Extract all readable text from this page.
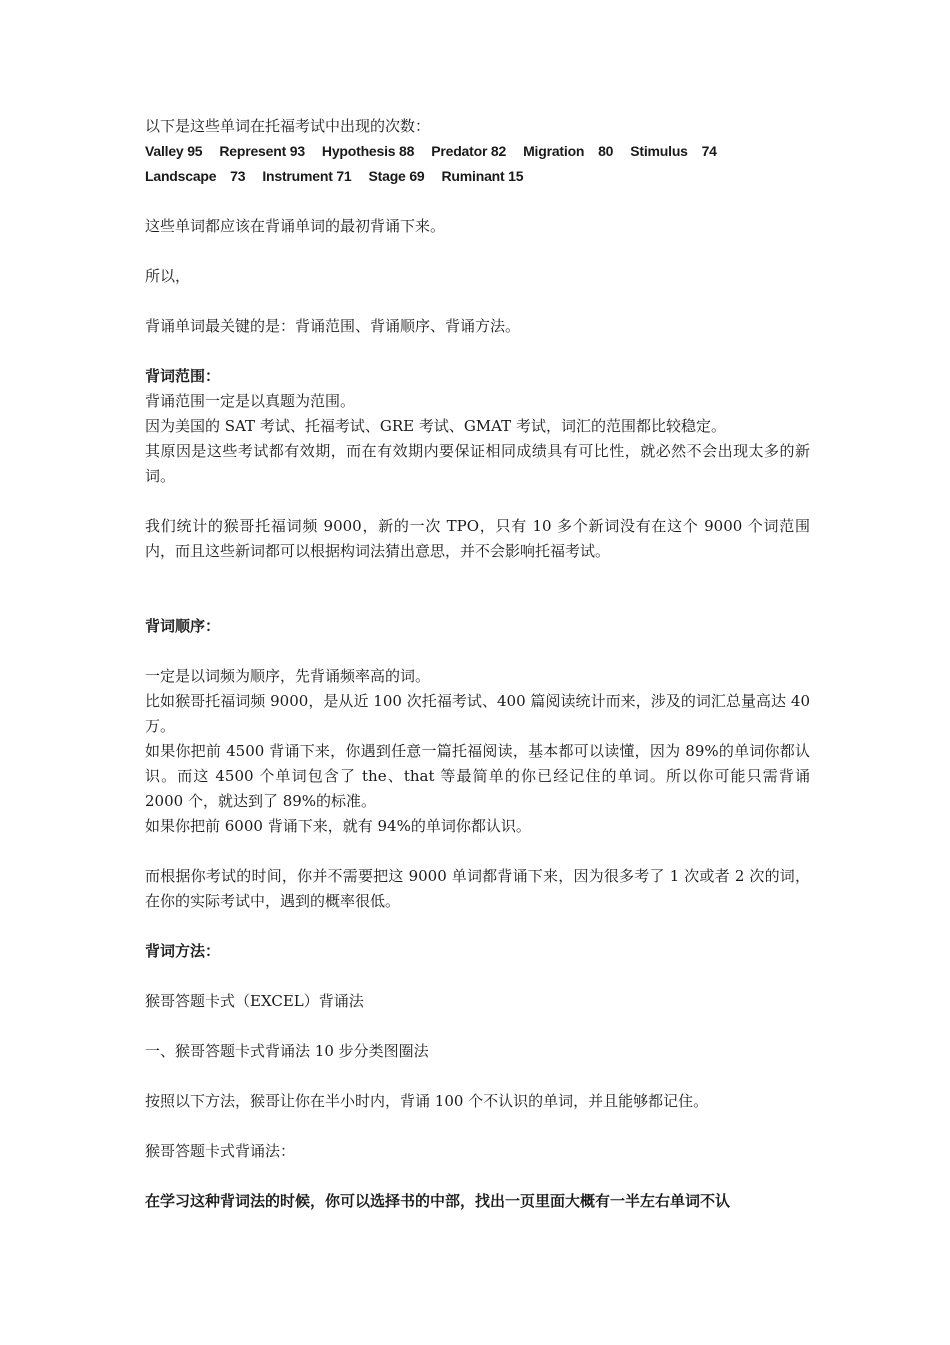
以下是这些单词在托福考试中出现的次数：
Valley 95 Represent 93 Hypothesis 88 Predator 82 Migration　80 Stimulus　74
Landscape　73 Instrument 71 Stage 69 Ruminant 15
这些单词都应该在背诵单词的最初背诵下来。
所以，
背诵单词最关键的是：背诵范围、背诵顺序、背诵方法。
背词范围：
背诵范围一定是以真题为范围。
因为美国的 SAT 考试、托福考试、GRE 考试、GMAT 考试，词汇的范围都比较稳定。
其原因是这些考试都有效期，而在有效期内要保证相同成绩具有可比性，就必然不会出现太多的新词。
我们统计的猴哥托福词频 9000，新的一次 TPO，只有 10 多个新词没有在这个 9000 个词范围内，而且这些新词都可以根据构词法猜出意思，并不会影响托福考试。
背词顺序：
一定是以词频为顺序，先背诵频率高的词。
比如猴哥托福词频 9000，是从近 100 次托福考试、400 篇阅读统计而来，涉及的词汇总量高达 40 万。
如果你把前 4500 背诵下来，你遇到任意一篇托福阅读，基本都可以读懂，因为 89%的单词你都认识。而这 4500 个单词包含了 the、that 等最简单的你已经记住的单词。所以你可能只需背诵 2000 个，就达到了 89%的标准。
如果你把前 6000 背诵下来，就有 94%的单词你都认识。
而根据你考试的时间，你并不需要把这 9000 单词都背诵下来，因为很多考了 1 次或者 2 次的词，在你的实际考试中，遇到的概率很低。
背词方法：
猴哥答题卡式（EXCEL）背诵法
一、猴哥答题卡式背诵法 10 步分类图圈法
按照以下方法，猴哥让你在半小时内，背诵 100 个不认识的单词，并且能够都记住。
猴哥答题卡式背诵法：
在学习这种背词法的时候，你可以选择书的中部，找出一页里面大概有一半左右单词不认
